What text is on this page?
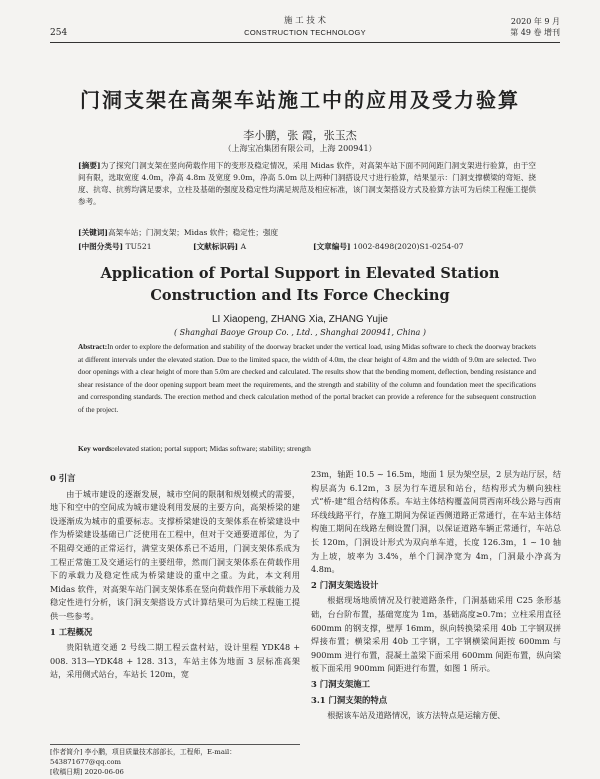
254
施 工 技 术
CONSTRUCTION TECHNOLOGY
2020 年 9 月
第 49 卷 增刊
门洞支架在高架车站施工中的应用及受力验算
李小鹏，张 霞，张玉杰
（上海宝冶集团有限公司，上海 200941）
[摘要]为了探究门洞支架在竖向荷载作用下的变形及稳定情况，采用 Midas 软件，对高架车站下面不同间距门洞支架进行验算，由于空间有限，选取宽度 4.0m，净高 4.8m 及宽度 9.0m，净高 5.0m 以上两种门洞搭设尺寸进行验算，结果显示：门洞支撑横梁的弯矩、挠度、抗弯、抗剪均满足要求，立柱及基础的强度及稳定性均满足规范及相应标准，该门洞支架搭设方式及验算方法可为后续工程施工提供参考。
[关键词]高架车站；门洞支架；Midas 软件；稳定性；强度
[中图分类号] TU521	[文献标识码] A	[文章编号] 1002-8498(2020)S1-0254-07
Application of Portal Support in Elevated Station
Construction and Its Force Checking
LI Xiaopeng, ZHANG Xia, ZHANG Yujie
( Shanghai Baoye Group Co. , Ltd. , Shanghai 200941, China )
Abstract:In order to explore the deformation and stability of the doorway bracket under the vertical load, using Midas software to check the doorway brackets at different intervals under the elevated station. Due to the limited space, the width of 4.0m, the clear height of 4.8m and the width of 9.0m are selected. Two door openings with a clear height of more than 5.0m are checked and calculated. The results show that the bending moment, deflection, bending resistance and shear resistance of the door opening support beam meet the requirements, and the strength and stability of the column and foundation meet the specifications and corresponding standards. The erection method and check calculation method of the portal bracket can provide a reference for the subsequent construction of the project.
Key words:elevated station; portal support; Midas software; stability; strength
0 引言

由于城市建设的逐渐发展，城市空间的限制和规划模式的需要，地下和空中的空间成为城市建设利用发展的主要方向，高架桥梁的建设逐渐成为城市的重要标志。支撑桥梁建设的支架体系在桥梁建设中作为桥梁建设基础已广泛使用在工程中，但对于交通要道部位，为了不阻碍交通的正常运行，满堂支架体系已不适用，门洞支架体系成为工程正常施工及交通运行的主要纽带，然而门洞支架体系在荷载作用下的承载力及稳定性成为桥梁建设的重中之重。为此，本文利用 Midas 软件，对高架车站门洞支架体系在竖向荷载作用下承载能力及稳定性进行分析，该门洞支架搭设方式计算结果可为后续工程施工提供一些参考。

1 工程概况

贵阳轨道交通 2 号线二期工程云盘村站，设计里程 YDK48 + 008. 313—YDK48 + 128. 313，车站主体为地面 3 层标准高架站，采用侧式站台，车站长 120m，宽

23m，轴距 10.5 ~ 16.5m，地面 1 层为架空层，2 层为站厅层，结构层高为 6.12m，3 层为行车道层和站台，结构形式为横向独柱式“桥-建”组合结构体系。车站主体结构覆盖间贯西南环线公路与西南环线线路平行，存施工期间为保证西侧道路正常通行，在车站主体结构施工期间在线路左侧设置门洞，以保证道路车辆正常通行，车站总长 120m，门洞设计形式为双向单车道，长度 126.3m，1 ~ 10 轴为上坡，坡率为 3.4%，单个门洞净宽为 4m，门洞最小净高为 4.8m。

2 门洞支架选设计

根据现场地质情况及行驶道路条件，门洞基础采用 C25 条形基础，台台阶布置，基础宽度为 1m，基础高度≥0.7m；立柱采用直径 600mm 的钢支撑，壁厚 16mm，纵向转换梁采用 40b 工字钢双拼焊接布置；横梁采用 40b 工字钢，工字钢横梁间距按 600mm 与 900mm 进行布置，混凝土盖梁下面采用 600mm 间距布置，纵向梁板下面采用 900mm 间距进行布置，如图 1 所示。

3 门洞支架施工
3.1 门洞支架的特点

根据该车站及道路情况，该方法特点是运输方便、

[作者简介] 李小鹏，项目质量技术部部长，工程师，E-mail：543871677@qq.com
[收稿日期] 2020-06-06
